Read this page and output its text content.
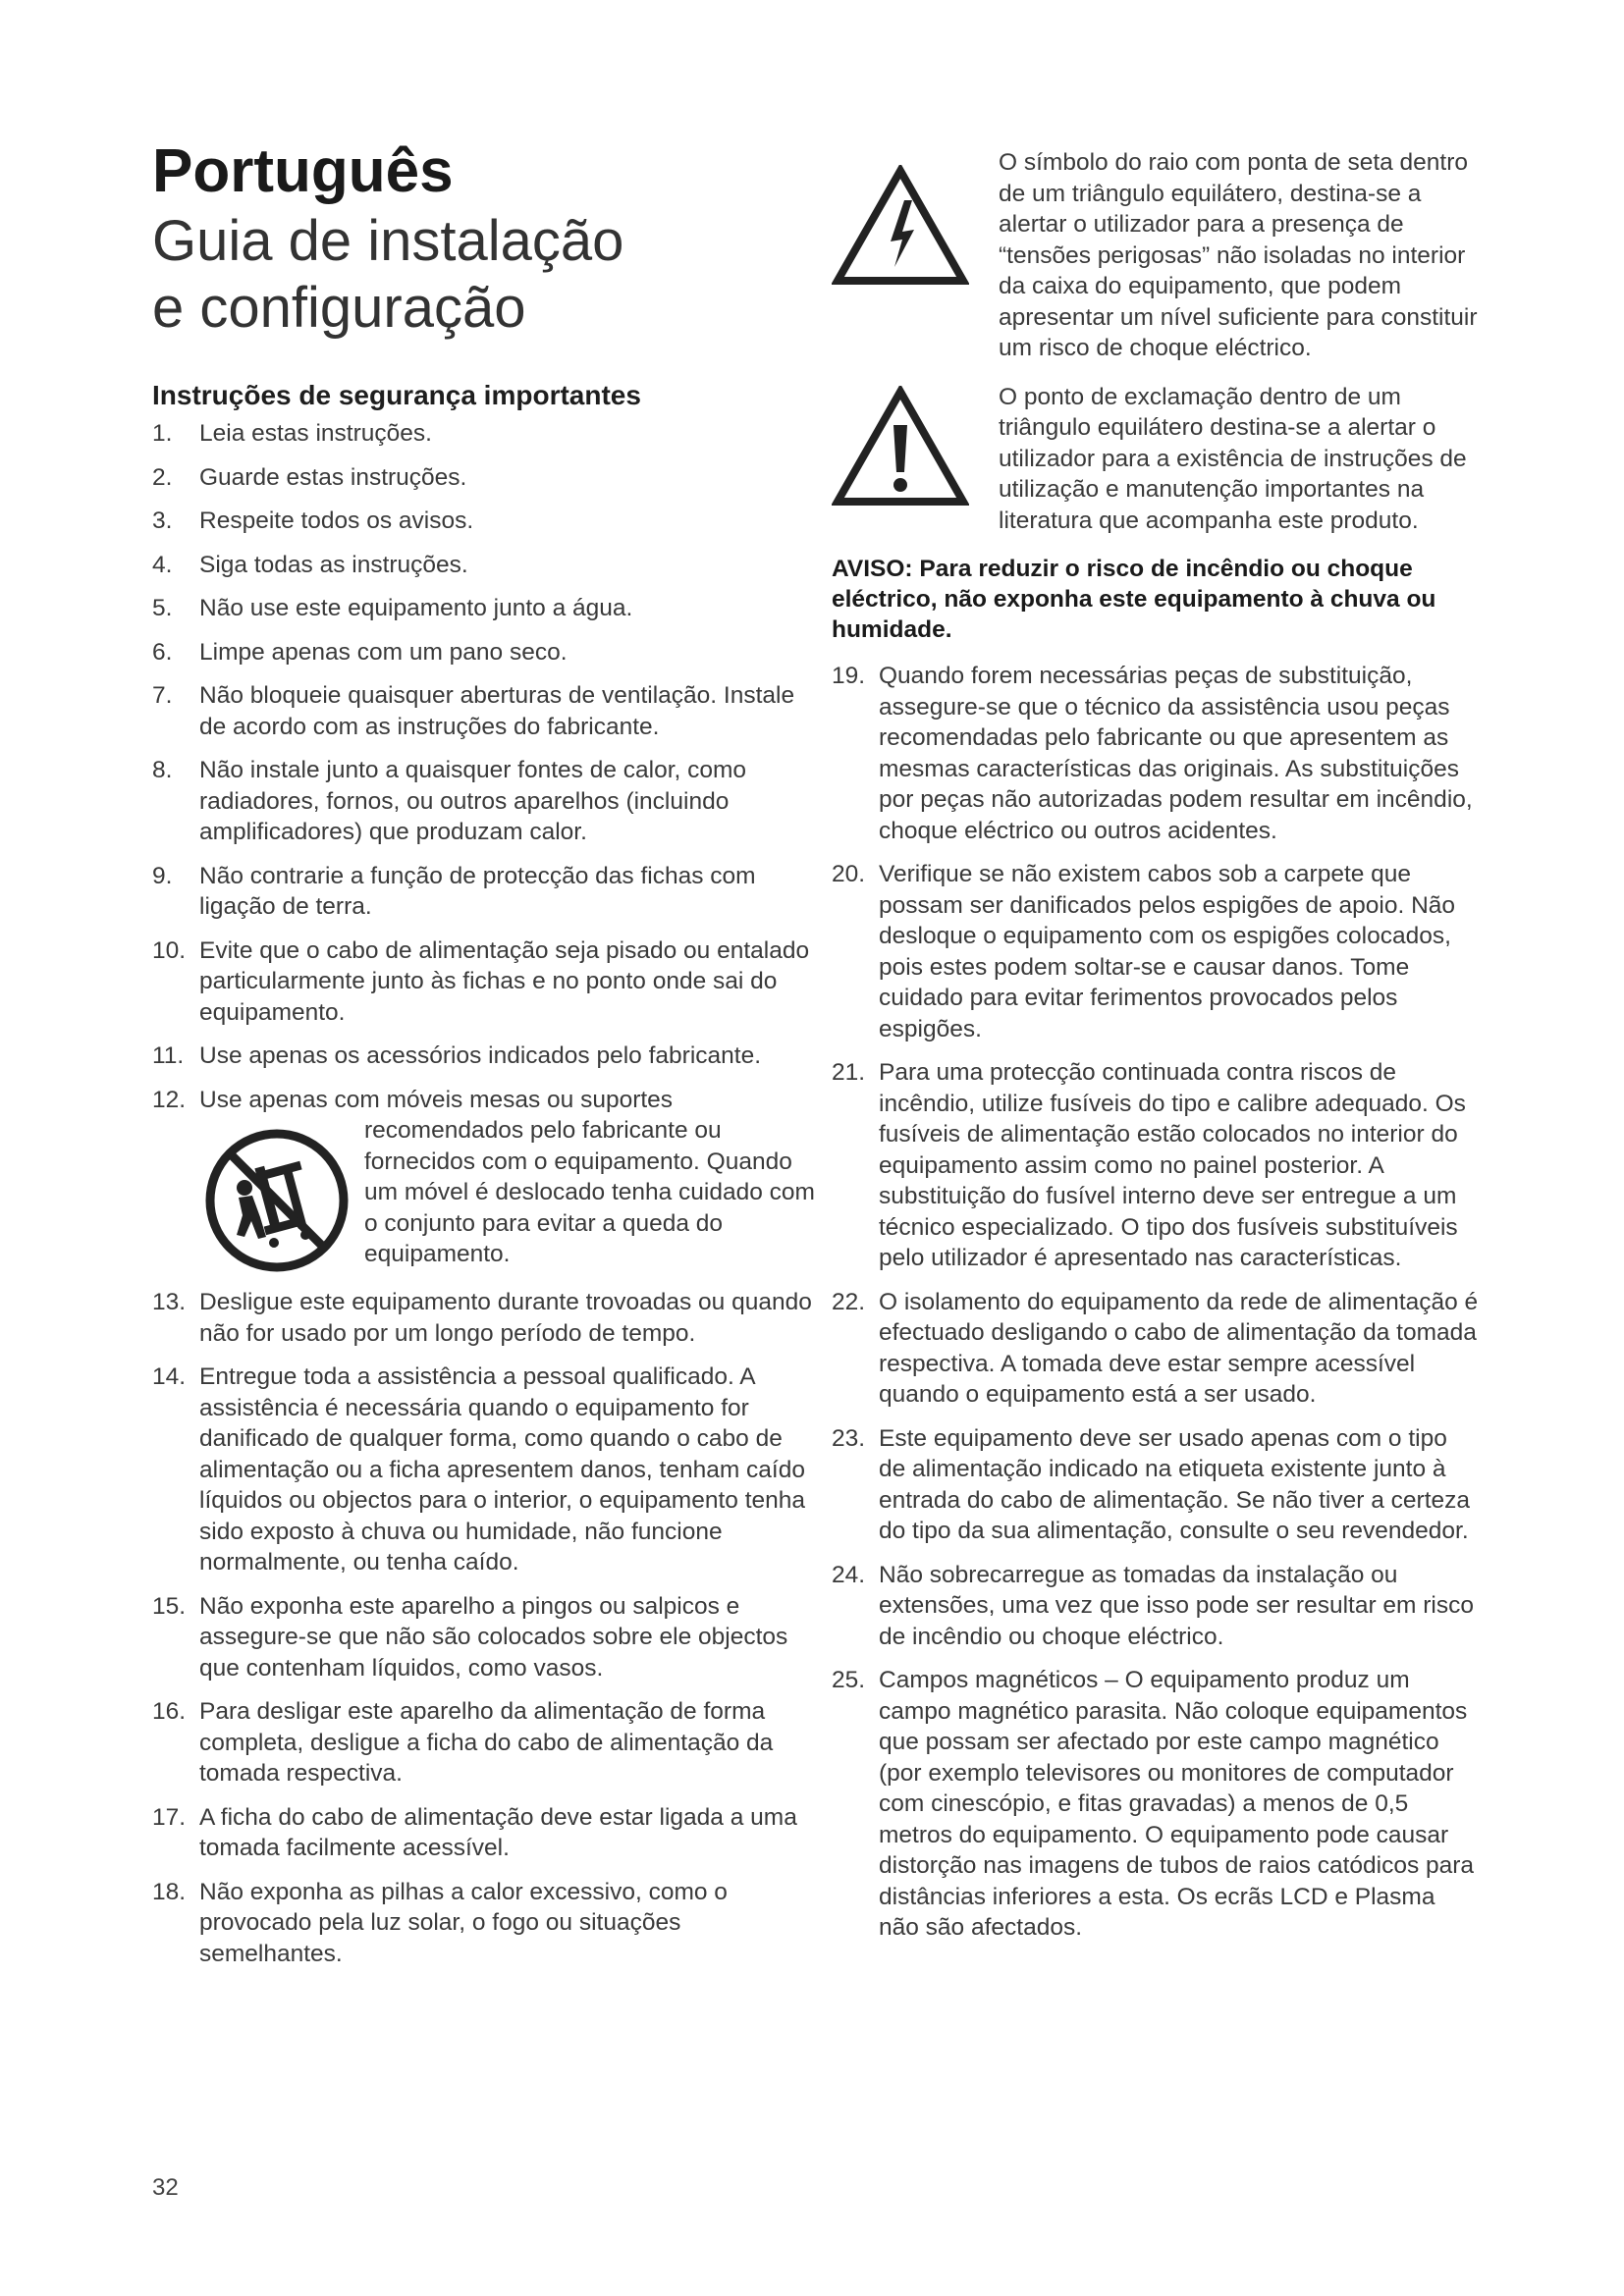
Português
Guia de instalação
e configuração
Instruções de segurança importantes
1. Leia estas instruções.
2. Guarde estas instruções.
3. Respeite todos os avisos.
4. Siga todas as instruções.
5. Não use este equipamento junto a água.
6. Limpe apenas com um pano seco.
7. Não bloqueie quaisquer aberturas de ventilação. Instale de acordo com as instruções do fabricante.
8. Não instale junto a quaisquer fontes de calor, como radiadores, fornos, ou outros aparelhos (incluindo amplificadores) que produzam calor.
9. Não contrarie a função de protecção das fichas com ligação de terra.
10. Evite que o cabo de alimentação seja pisado ou entalado particularmente junto às fichas e no ponto onde sai do equipamento.
11. Use apenas os acessórios indicados pelo fabricante.
12. Use apenas com móveis mesas ou suportes
recomendados pelo fabricante ou fornecidos com o equipamento. Quando um móvel é deslocado tenha cuidado com o conjunto para evitar a queda do equipamento.
13. Desligue este equipamento durante trovoadas ou quando não for usado por um longo período de tempo.
14. Entregue toda a assistência a pessoal qualificado. A assistência é necessária quando o equipamento for danificado de qualquer forma, como quando o cabo de alimentação ou a ficha apresentem danos, tenham caído líquidos ou objectos para o interior, o equipamento tenha sido exposto à chuva ou humidade, não funcione normalmente, ou tenha caído.
15. Não exponha este aparelho a pingos ou salpicos e assegure-se que não são colocados sobre ele objectos que contenham líquidos, como vasos.
16. Para desligar este aparelho da alimentação de forma completa, desligue a ficha do cabo de alimentação da tomada respectiva.
17. A ficha do cabo de alimentação deve estar ligada a uma tomada facilmente acessível.
18. Não exponha as pilhas a calor excessivo, como o provocado pela luz solar, o fogo ou situações semelhantes.

O símbolo do raio com ponta de seta dentro de um triângulo equilátero, destina-se a alertar o utilizador para a presença de “tensões perigosas” não isoladas no interior da caixa do equipamento, que podem apresentar um nível suficiente para constituir um risco de choque eléctrico.

O ponto de exclamação dentro de um triângulo equilátero destina-se a alertar o utilizador para a existência de instruções de utilização e manutenção importantes na literatura que acompanha este produto.

AVISO: Para reduzir o risco de incêndio ou choque eléctrico, não exponha este equipamento à chuva ou humidade.
19. Quando forem necessárias peças de substituição, assegure-se que o técnico da assistência usou peças recomendadas pelo fabricante ou que apresentem as mesmas características das originais. As substituições por peças não autorizadas podem resultar em incêndio, choque eléctrico ou outros acidentes.
20. Verifique se não existem cabos sob a carpete que possam ser danificados pelos espigões de apoio. Não desloque o equipamento com os espigões colocados, pois estes podem soltar-se e causar danos. Tome cuidado para evitar ferimentos provocados pelos espigões.
21. Para uma protecção continuada contra riscos de incêndio, utilize fusíveis do tipo e calibre adequado. Os fusíveis de alimentação estão colocados no interior do equipamento assim como no painel posterior. A substituição do fusível interno deve ser entregue a um técnico especializado. O tipo dos fusíveis substituíveis pelo utilizador é apresentado nas características.
22. O isolamento do equipamento da rede de alimentação é efectuado desligando o cabo de alimentação da tomada respectiva. A tomada deve estar sempre acessível quando o equipamento está a ser usado.
23. Este equipamento deve ser usado apenas com o tipo de alimentação indicado na etiqueta existente junto à entrada do cabo de alimentação. Se não tiver a certeza do tipo da sua alimentação, consulte o seu revendedor.
24. Não sobrecarregue as tomadas da instalação ou extensões, uma vez que isso pode ser resultar em risco de incêndio ou choque eléctrico.
25. Campos magnéticos – O equipamento produz um campo magnético parasita. Não coloque equipamentos que possam ser afectado por este campo magnético (por exemplo televisores ou monitores de computador com cinescópio, e fitas gravadas) a menos de 0,5 metros do equipamento. O equipamento pode causar distorção nas imagens de tubos de raios catódicos para distâncias inferiores a esta. Os ecrãs LCD e Plasma não são afectados.
32
